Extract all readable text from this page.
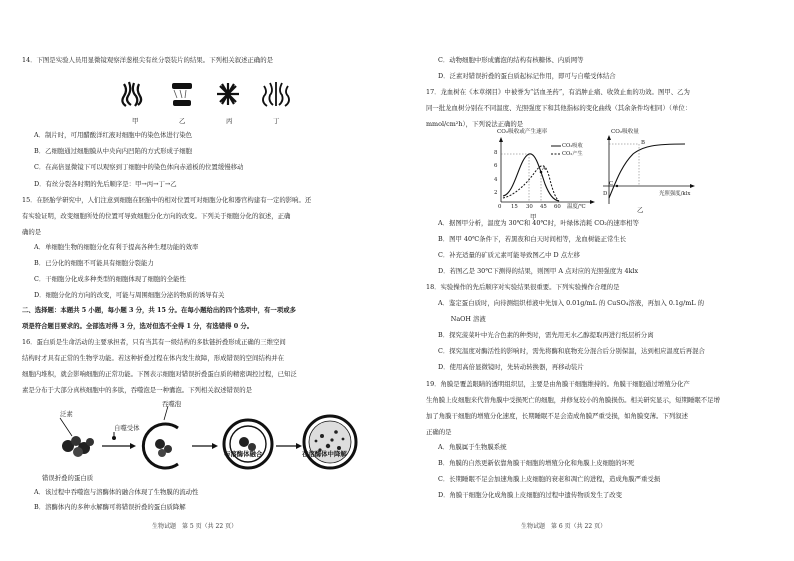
14．下图是实验人员用显微镜观察洋葱根尖有丝分裂装片的结果。下列相关叙述正确的是
甲	乙	丙	丁
A．制片时，可用醋酸洋红液对细胞中的染色体进行染色
B．乙细胞通过细胞膜从中央向内凹陷的方式形成子细胞
C．在高倍显微镜下可以观察到丁细胞中的染色体向赤道板的位置缓慢移动
D．有丝分裂各时期的先后顺序是：甲→丙→丁→乙
15．在胚胎学研究中，人们注意到细胞在胚胎中的相对位置可对细胞分化和器官构建有一定的影响。还
有实验证明，改变细胞所处的位置可导致细胞分化方向的改变。下列关于细胞分化的叙述，正确
确的是
A．单细胞生物的细胞分化有利于提高各种生理功能的效率
B．已分化的细胞不可能具有细胞分裂能力
C．干细胞分化成多种类型的细胞体现了细胞的全能性
D．细胞分化的方向的改变，可能与周围细胞分泌的物质的诱导有关
二、选择题：本题共 5 小题，每小题 3 分，共 15 分。在每小题给出的四个选项中，有一项或多
项是符合题目要求的。全部选对得 3 分，选对但选不全得 1 分，有选错得 0 分。
16．蛋白质是生命活动的主要承担者，只有当其有一级结构的多肽链折叠形成正确的三维空间
结构时才具有正常的生物学功能。若这种折叠过程在体内发生故障，形成错误的空间结构并在
细胞内堆积，就会影响细胞的正常功能。下图表示细胞对错误折叠蛋白质的精密调控过程，已知泛
素是分布于大部分真核细胞中的多肽，吞噬泡是一种囊泡。下列相关叙述错误的是
泛素
自噬受体
吞噬泡
错误折叠的蛋白质
与溶酶体融合	在溶酶体中降解
A．该过程中吞噬泡与溶酶体的融合体现了生物膜的流动性
B．溶酶体内的多种水解酶可将错误折叠的蛋白质降解
生物试题　第 5 页（共 22 页）
C．动物细胞中形成囊泡的结构有核糖体、内质网等
D．泛素对错误折叠的蛋白质起标记作用，即可与自噬受体结合
17．龙血树在《本草纲目》中被誉为“活血圣药”，有消肿止痛、收敛止血的功效。图甲、乙为
同一批龙血树分别在不同温度、光照强度下和其他指标的变化曲线（其余条件均相同）（单位：
mmol/cm²h），下列说法正确的是
CO₂吸收或产生速率
8
6
4
2
0 15 30 45 60 温度/℃
A
CO₂吸收
CO₂产生
甲
CO₂吸收量
B
C
D	光照强度/klx
乙
A．据图甲分析，温度为 30℃和 40℃时，叶绿体消耗 CO₂的速率相等
B．图甲 40℃条件下，若黑夜和白天时间相等，龙血树能正常生长
C．补充适量的矿质元素可能导致图乙中 D 点左移
D．若图乙是 30℃下测得的结果，则图甲 A 点对应的光照强度为 4klx
18．实验操作的先后顺序对实验结果很重要。下列实验操作合理的是
A．鉴定蛋白质时，向待测组织样液中先加入 0.01g/mL 的 CuSO₄溶液，再加入 0.1g/mL 的
　　NaOH 溶液
B．探究菠菜叶中光合色素的种类时，需先用无水乙醇提取再进行纸层析分离
C．探究温度对酶活性的影响时，需先将酶和底物充分混合后分别保温，达到相应温度后再混合
D．使用高倍显微镜时，先转动转换器，再移动装片
19．角膜是覆盖眼睛的透明组织层，主要是由角膜干细胞维持的。角膜干细胞通过增殖分化产
生角膜上皮细胞来代替角膜中受损死亡的细胞，并修复较小的角膜损伤。相关研究显示，短期睡眠不足增
加了角膜干细胞的增殖分化速度，长期睡眠不足会造成角膜严重受损，如角膜变薄。下列叙述
正确的是
A．角膜属于生物膜系统
B．角膜的自然更新依靠角膜干细胞的增殖分化和角膜上皮细胞的坏死
C．长期睡眠不足会加速角膜上皮细胞的衰老和凋亡的进程，造成角膜严重受损
D．角膜干细胞分化成角膜上皮细胞的过程中遗传物质发生了改变
生物试题　第 6 页（共 22 页）
